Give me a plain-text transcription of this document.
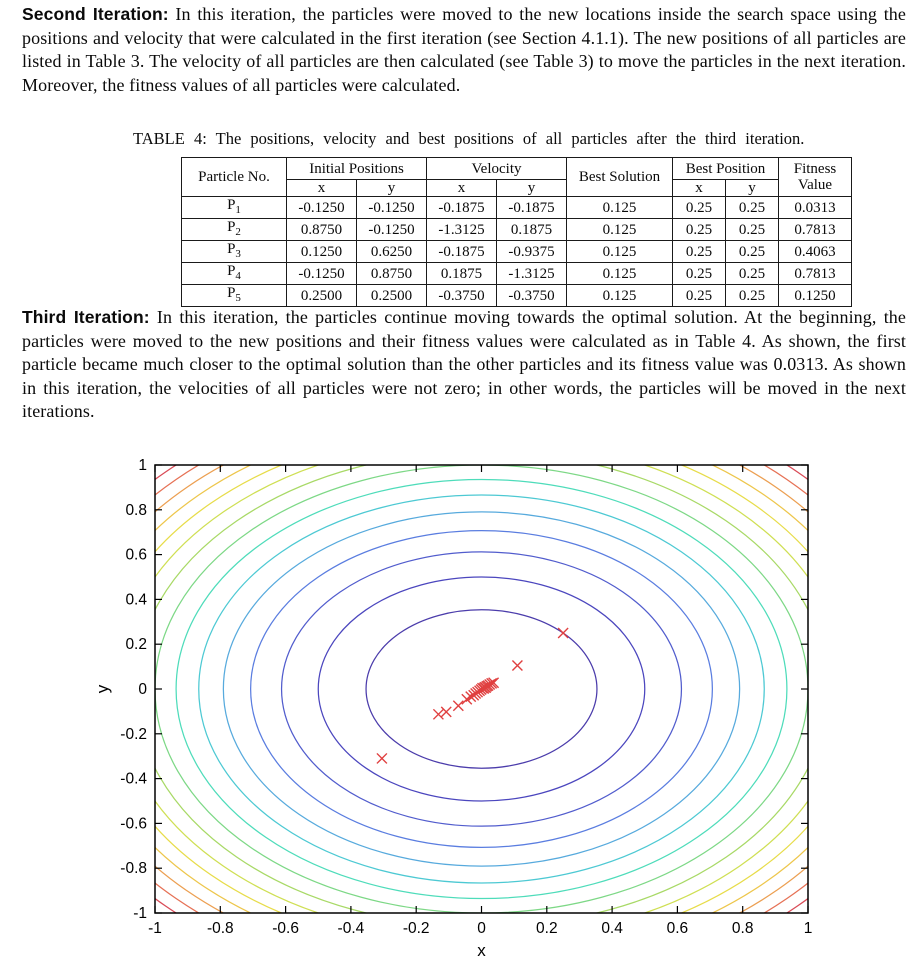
Second Iteration: In this iteration, the particles were moved to the new locations inside the search space using the positions and velocity that were calculated in the first iteration (see Section 4.1.1). The new positions of all particles are listed in Table 3. The velocity of all particles are then calculated (see Table 3) to move the particles in the next iteration. Moreover, the fitness values of all particles were calculated.

TABLE 4: The positions, velocity and best positions of all particles after the third iteration.
Particle No.	Initial Positions		Velocity		Best Solution	Best Position		Fitness Value
	x	y	x	y		x	y	
$P_1$	-0.1250	-0.1250	-0.1875	-0.1875	0.125	0.25	0.25	0.0313
$P_2$	0.8750	-0.1250	-1.3125	0.1875	0.125	0.25	0.25	0.7813
$P_3$	0.1250	0.6250	-0.1875	-0.9375	0.125	0.25	0.25	0.4063
$P_4$	-0.1250	0.8750	0.1875	-1.3125	0.125	0.25	0.25	0.7813
$P_5$	0.2500	0.2500	-0.3750	-0.3750	0.125	0.25	0.25	0.1250

Third Iteration: In this iteration, the particles continue moving towards the optimal solution. At the beginning, the particles were moved to the new positions and their fitness values were calculated as in Table 4. As shown, the first particle became much closer to the optimal solution than the other particles and its fitness value was 0.0313. As shown in this iteration, the velocities of all particles were not zero; in other words, the particles will be moved in the next iterations.

-1
-1
-0.8
-0.8
-0.6
-0.6
-0.4
-0.4
-0.2
-0.2
0
0
0.2
0.2
0.4
0.4
0.6
0.6
0.8
0.8
1
1
x
y
